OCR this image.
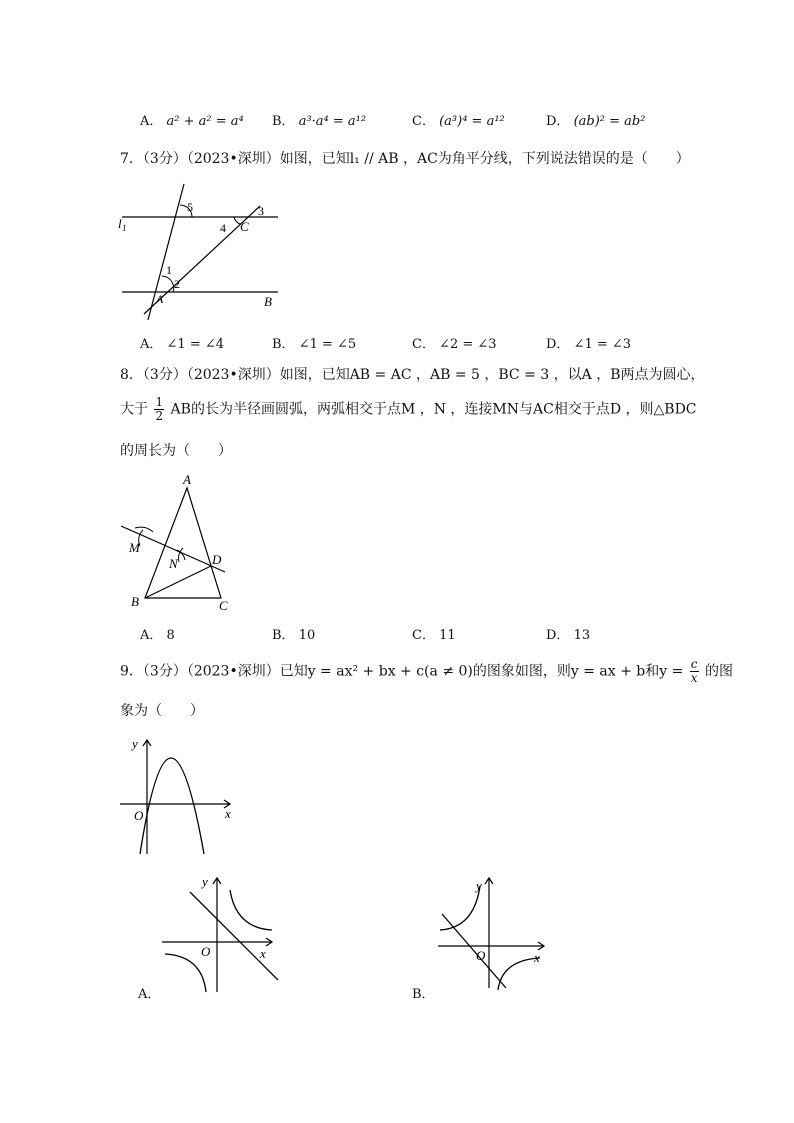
A． a² + a² = a⁴ B． a³·a⁴ = a¹²	C． (a³)⁴ = a¹²	D． (ab)² = ab²
7．（3分）（2023•深圳）如图，已知l₁ // AB ，AC为角平分线，下列说法错误的是（　　）
l 1
A	B
C
1
2
3
4
5
A． ∠1 = ∠4	B． ∠1 = ∠5	C． ∠2 = ∠3	D． ∠1 = ∠3
8．（3分）（2023•深圳）如图，已知AB = AC ，AB = 5 ，BC = 3 ，以A ，B两点为圆心，
大于 $\frac{1}{2}$ AB的长为半径画圆弧，两弧相交于点M ，N ，连接MN与AC相交于点D ，则△BDC
的周长为（　　）
A
B	C
D
M
N
A． 8	B． 10	C． 11	D． 13
9．（3分）（2023•深圳）已知y = ax² + bx + c(a ≠ 0)的图象如图，则y = ax + b和$y = \frac{c}{x}$ 的图
象为（　　）
x
y
O
x
y
O
A．
x
y
O
B．
